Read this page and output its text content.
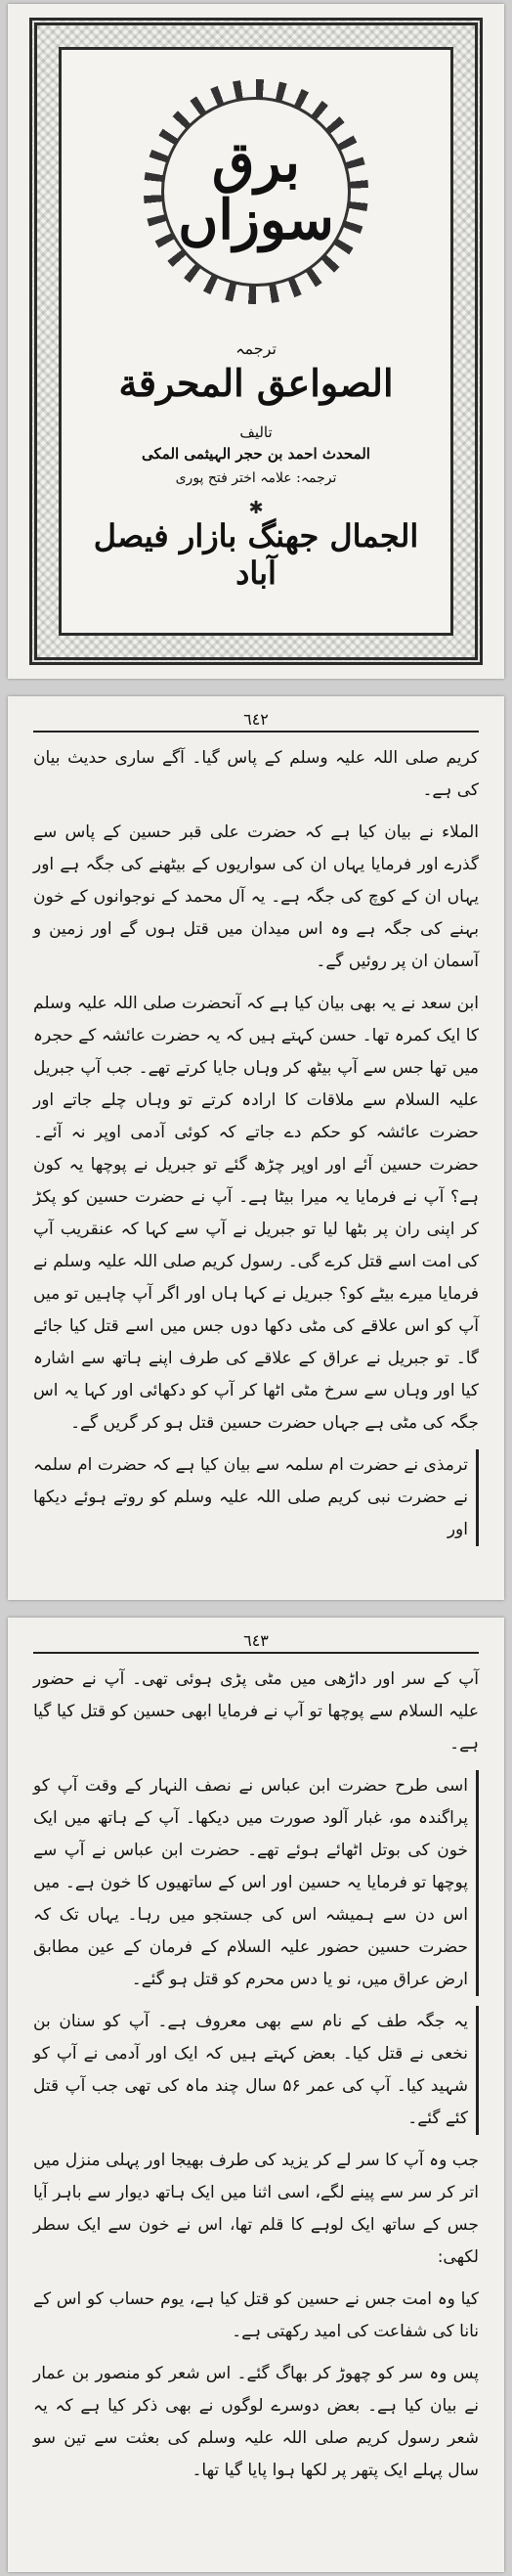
برق سوزاں
ترجمہ
الصواعق المحرقة
تالیف
المحدث احمد بن حجر الہیثمی المکی
ترجمہ: علامہ اختر فتح پوری
✱
الجمال جھنگ بازار فیصل آباد
٦٤٢

کریم صلی اللہ علیہ وسلم کے پاس گیا۔ آگے ساری حدیث بیان کی ہے۔

الملاء نے بیان کیا ہے کہ حضرت علی قبر حسین کے پاس سے گذرے اور فرمایا یہاں ان کی سواریوں کے بیٹھنے کی جگہ ہے اور یہاں ان کے کوچ کی جگہ ہے۔ یہ آل محمد کے نوجوانوں کے خون بہنے کی جگہ ہے وہ اس میدان میں قتل ہوں گے اور زمین و آسمان ان پر روئیں گے۔

ابن سعد نے یہ بھی بیان کیا ہے کہ آنحضرت صلی اللہ علیہ وسلم کا ایک کمرہ تھا۔ حسن کہتے ہیں کہ یہ حضرت عائشہ کے حجرہ میں تھا جس سے آپ بیٹھ کر وہاں جایا کرتے تھے۔ جب آپ جبریل علیہ السلام سے ملاقات کا ارادہ کرتے تو وہاں چلے جاتے اور حضرت عائشہ کو حکم دے جاتے کہ کوئی آدمی اوپر نہ آئے۔ حضرت حسین آئے اور اوپر چڑھ گئے تو جبریل نے پوچھا یہ کون ہے؟ آپ نے فرمایا یہ میرا بیٹا ہے۔ آپ نے حضرت حسین کو پکڑ کر اپنی ران پر بٹھا لیا تو جبریل نے آپ سے کہا کہ عنقریب آپ کی امت اسے قتل کرے گی۔ رسول کریم صلی اللہ علیہ وسلم نے فرمایا میرے بیٹے کو؟ جبریل نے کہا ہاں اور اگر آپ چاہیں تو میں آپ کو اس علاقے کی مٹی دکھا دوں جس میں اسے قتل کیا جائے گا۔ تو جبریل نے عراق کے علاقے کی طرف اپنے ہاتھ سے اشارہ کیا اور وہاں سے سرخ مٹی اٹھا کر آپ کو دکھائی اور کہا یہ اس جگہ کی مٹی ہے جہاں حضرت حسین قتل ہو کر گریں گے۔

ترمذی نے حضرت ام سلمہ سے بیان کیا ہے کہ حضرت ام سلمہ نے حضرت نبی کریم صلی اللہ علیہ وسلم کو روتے ہوئے دیکھا اور

٦٤٣

آپ کے سر اور داڑھی میں مٹی پڑی ہوئی تھی۔ آپ نے حضور علیہ السلام سے پوچھا تو آپ نے فرمایا ابھی حسین کو قتل کیا گیا ہے۔

اسی طرح حضرت ابن عباس نے نصف النہار کے وقت آپ کو پراگندہ مو، غبار آلود صورت میں دیکھا۔ آپ کے ہاتھ میں ایک خون کی بوتل اٹھائے ہوئے تھے۔ حضرت ابن عباس نے آپ سے پوچھا تو فرمایا یہ حسین اور اس کے ساتھیوں کا خون ہے۔ میں اس دن سے ہمیشہ اس کی جستجو میں رہا۔ یہاں تک کہ حضرت حسین حضور علیہ السلام کے فرمان کے عین مطابق ارض عراق میں، نو یا دس محرم کو قتل ہو گئے۔

یہ جگہ طف کے نام سے بھی معروف ہے۔ آپ کو سنان بن نخعی نے قتل کیا۔ بعض کہتے ہیں کہ ایک اور آدمی نے آپ کو شہید کیا۔ آپ کی عمر ۵۶ سال چند ماہ کی تھی جب آپ قتل کئے گئے۔

جب وہ آپ کا سر لے کر یزید کی طرف بھیجا اور پہلی منزل میں اتر کر سر سے پینے لگے، اسی اثنا میں ایک ہاتھ دیوار سے باہر آیا جس کے ساتھ ایک لوہے کا قلم تھا، اس نے خون سے ایک سطر لکھی:

کیا وہ امت جس نے حسین کو قتل کیا ہے، یوم حساب کو اس کے نانا کی شفاعت کی امید رکھتی ہے۔

پس وہ سر کو چھوڑ کر بھاگ گئے۔ اس شعر کو منصور بن عمار نے بیان کیا ہے۔ بعض دوسرے لوگوں نے بھی ذکر کیا ہے کہ یہ شعر رسول کریم صلی اللہ علیہ وسلم کی بعثت سے تین سو سال پہلے ایک پتھر پر لکھا ہوا پایا گیا تھا۔
